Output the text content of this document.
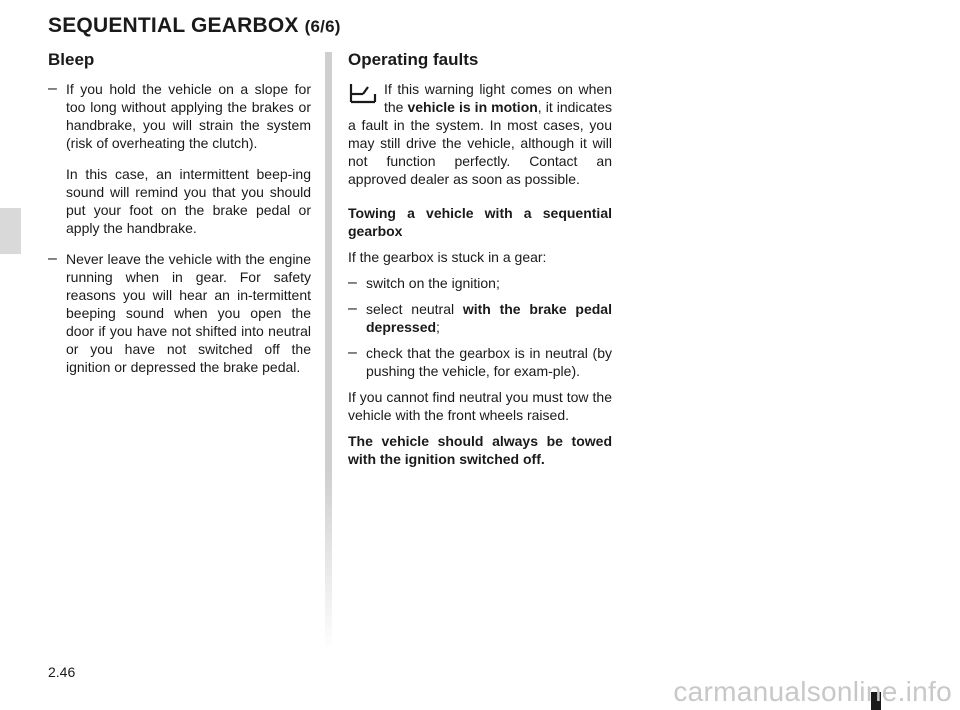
SEQUENTIAL GEARBOX (6/6)
Bleep
– If you hold the vehicle on a slope for too long without applying the brakes or handbrake, you will strain the system (risk of overheating the clutch).

In this case, an intermittent beep-ing sound will remind you that you should put your foot on the brake pedal or apply the handbrake.

– Never leave the vehicle with the engine running when in gear. For safety reasons you will hear an in-termittent beeping sound when you open the door if you have not shifted into neutral or you have not switched off the ignition or depressed the brake pedal.

Operating faults

If this warning light comes on when the vehicle is in motion, it indicates a fault in the system. In most cases, you may still drive the vehicle, although it will not function perfectly. Contact an approved dealer as soon as possible.

Towing a vehicle with a sequential gearbox

If the gearbox is stuck in a gear:

– switch on the ignition;

– select neutral with the brake pedal depressed;

– check that the gearbox is in neutral (by pushing the vehicle, for exam-ple).

If you cannot find neutral you must tow the vehicle with the front wheels raised.

The vehicle should always be towed with the ignition switched off.

2.46
carmanualsonline.info
